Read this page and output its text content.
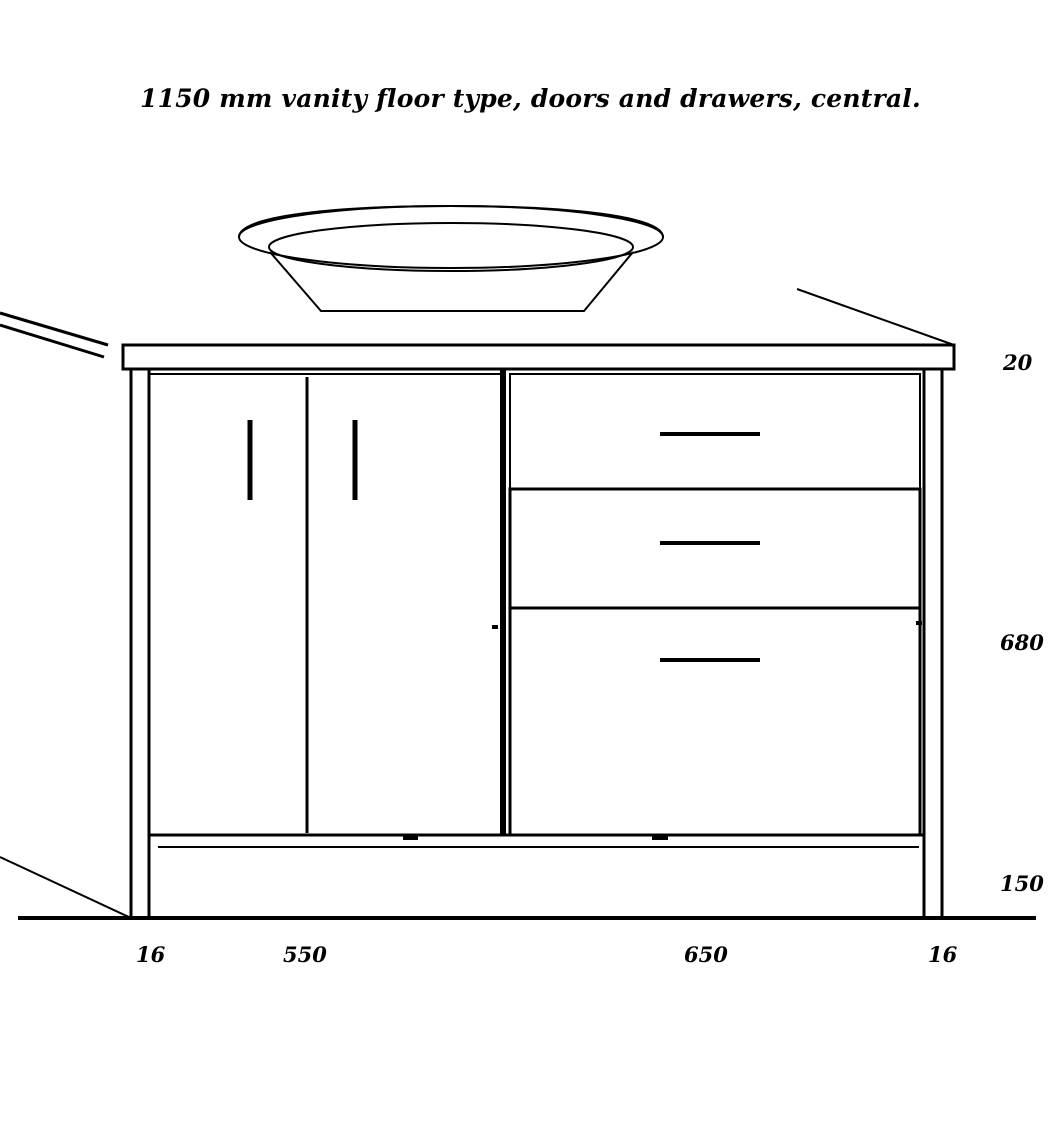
1150 mm vanity floor type, doors and drawers, central.
20
680
150
16	550	650	16
